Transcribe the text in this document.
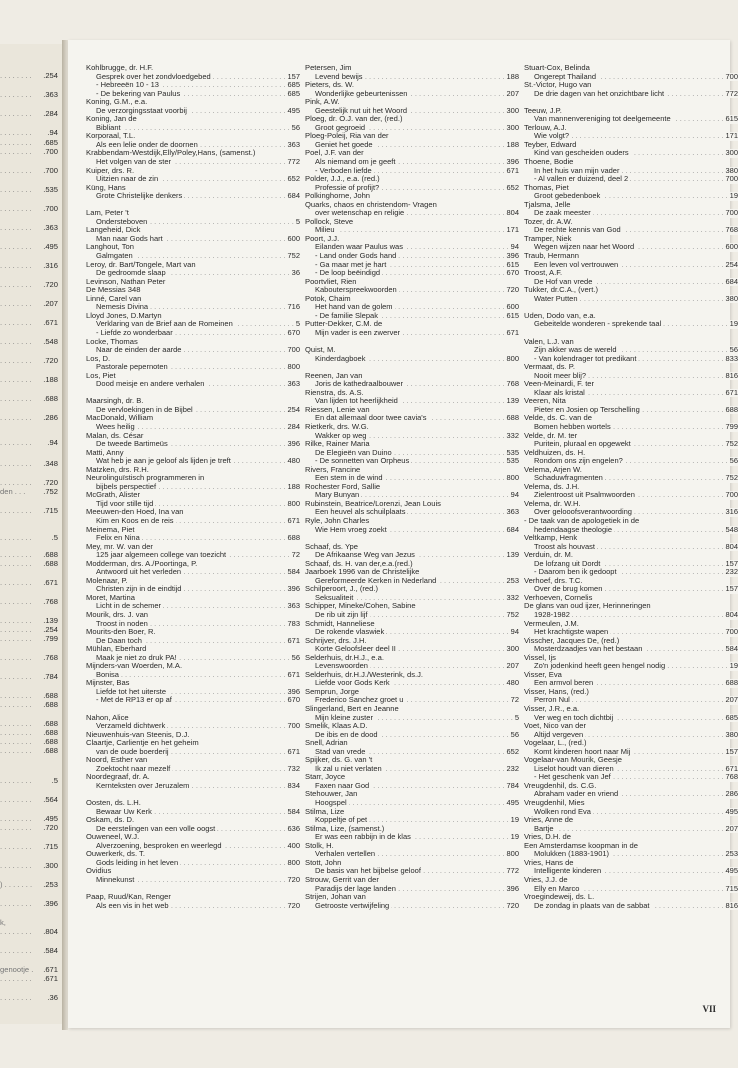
. . . . . . . .	.254
. . . . . . . .	.363
. . . . . . . .	.284
. . . . . . . .	.94
. . . . . . . .	.685
. . . . . . . .	.700
. . . . . . . .	.700
. . . . . . . .	.535
. . . . . . . .	.700
. . . . . . . .	.363
. . . . . . . .	.495
. . . . . . . .	.316
. . . . . . . .	.720
. . . . . . . .	.207
. . . . . . . .	.671
. . . . . . . .	.548
. . . . . . . .	.720
. . . . . . . .	.188
. . . . . . . .	.688
. . . . . . . .	.286
. . . . . . . .	.94
. . . . . . . .	.348
. . . . . . . .	.720
den . . .	.752
. . . . . . . .	.715
. . . . . . . .	.5
. . . . . . . .	.688
. . . . . . . .	.688
. . . . . . . .	.671
. . . . . . . .	.768
. . . . . . . .	.139
. . . . . . . .	.254
. . . . . . . .	.799
. . . . . . . .	.768
. . . . . . . .	.784
. . . . . . . .	.688
. . . . . . . .	.688
. . . . . . . .	.688
. . . . . . . .	.688
. . . . . . . .	.688
. . . . . . . .	.688
. . . . . . . .	.5
. . . . . . . .	.564
. . . . . . . .	.495
. . . . . . . .	.720
. . . . . . . .	.715
. . . . . . . .	.300
) . . . . . . .	.253
. . . . . . . .	.396
k,
. . . . . . . .	.804
. . . . . . . .	.584
genootje .	.671
. . . . . . . .	.671
. . . . . . . .	.36
Kohlbrugge, dr. H.F.
Gesprek over het zondvloedgebed	157
. . .
- Hebreeën 10 - 13	685
. . .
- De bekering van Paulus	685
. . .
Koning, G.M., e.a.
De verzorgingsstaat voorbij	495
. . .
Koning, Jan de
Bibliant	56
. . .
Korporaal, T.L.
Als een lelie onder de doornen	363
. . .
Krabbendam-Westdijk,Elly/Poley,Hans, (samenst.)
Het volgen van de ster	772
. . .
Kuiper, drs. R.
Uitzien naar de zin	652
. . .
Küng, Hans
Grote Christelijke denkers	684
. . .
Lam, Peter 't
Ondersteboven	5
. . .
Langeheid, Dick
Man naar Gods hart	600
. . .
Langhout, Ton
Galmgaten	752
. . .
Leroy, dr. Bart/Tongele, Mart van
De gedroomde slaap	36
. . .
Levinson, Nathan Peter
De Messias 348
Linné, Carel van
Nemesis Divina	716
. . .
Lloyd Jones, D.Martyn
Verklaring van de Brief aan de Romeinen	5
. . .
- Liefde zo wonderbaar	670
. . .
Locke, Thomas
Naar de einden der aarde	700
. . .
Los, D.
Pastorale pepernoten	800
. . .
Los, Piet
Dood meisje en andere verhalen	363
. . .
Maarsingh, dr. B.
De vervloekingen in de Bijbel	254
. . .
MacDonald, William
Wees heilig	284
. . .
Malan, ds. César
De tweede Bartimeüs	396
. . .
Matti, Anny
Wat heb je aan je geloof als lijden je treft	480
. . .
Matzken, drs. R.H.
Neurolinguïstisch programmeren in
bijbels perspectief	188
. . .
McGrath, Alister
Tijd voor stille tijd	800
. . .
Meeuwen-den Hoed, Ina van
Kim en Koos en de reis	671
. . .
Meinema, Piet
Felix en Nina	688
. . .
Mey, mr. W. van der
125 jaar algemeen college van toezicht	72
. . .
Modderman, drs. A./Poortinga, P.
Antwoord uit het verleden	584
. . .
Molenaar, P.
Christen zijn in de eindtijd	396
. . .
Moret, Martina
Licht in de schemer	363
. . .
Mourik, drs. J. van
Troost in noden	783
. . .
Mourits-den Boer, R.
De Daan toch	671
. . .
Mühlan, Eberhard
Maak je niet zo druk PA!	56
. . .
Mijnders-van Woerden, M.A.
Bonisa	671
. . .
Mijnster, Bas
Liefde tot het uiterste	396
. . .
- Met de RP13 er op af	670
. . .
Nahon, Alice
Verzameld dichtwerk	700
. . .
Nieuwenhuis-van Steenis, D.J.
Claartje, Carlientje en het geheim
van de oude boerderij	671
. . .
Noord, Esther van
Zoektocht naar mezelf	732
. . .
Noordegraaf, dr. A.
Kernteksten over Jeruzalem	834
. . .
Oosten, ds. L.H.
Bewaar Uw Kerk	584
. . .
Oskam, ds. D.
De eerstelingen van een volle oogst	636
. . .
Ouweneel, W.J.
Alverzoening, besproken en weerlegd	400
. . .
Ouwerkerk, ds. T.
Gods leiding in het leven	800
. . .
Ovidius
Minnekunst	720
. . .
Paap, Ruud/Kan, Renger
Als een vis in het web	720
. . .
Petersen, Jim
Levend bewijs	188
. . .
Pieters, ds. W.
Wonderlijke gebeurtenissen	207
. . .
Pink, A.W.
Geestelijk nut uit het Woord	300
. . .
Ploeg, dr. O.J. van der, (red.)
Groot gegroeid	300
. . .
Ploeg-Poleij, Ria van der
Geniet het goede	188
. . .
Poel, J.F. van der
Als niemand om je geeft	396
. . .
- Verboden liefde	671
. . .
Polder, J.J., e.a. (red.)
Professie of profijt?	652
. . .
Polkinghorne, John
Quarks, chaos en christendom- Vragen
over wetenschap en religie	804
. . .
Pollock, Steve
Milieu	171
. . .
Poort, J.J.
Eilanden waar Paulus was	94
. . .
- Land onder Gods hand	396
. . .
- Ga maar met je hart	615
. . .
- De loop beëindigd	670
. . .
Poortvliet, Rien
Kabouterspreekwoorden	720
. . .
Potok, Chaim
Het hand van de golem	600
. . .
- De familie Slepak	615
. . .
Putter-Dekker, C.M. de
Mijn vader is een zwerver	671
. . .
Quist, M.
Kinderdagboek	800
. . .
Reenen, Jan van
Joris de kathedraalbouwer	768
. . .
Rienstra, ds. A.S.
Van lijden tot heerlijkheid	139
. . .
Riessen, Lenie van
En dat allemaal door twee cavia's	688
. . .
Rietkerk, drs. W.G.
Wakker op weg	332
. . .
Rilke, Rainer Maria
De Elegieën van Duino	535
. . .
- De sonnetten van Orpheus	535
. . .
Rivers, Francine
Een stem in de wind	800
. . .
Rochester Ford, Sallie
Mary Bunyan	94
. . .
Rubinstein, Beatrice/Lorenzi, Jean Louis
Een heuvel als schuilplaats	363
. . .
Ryle, John Charles
Wie Hem vroeg zoekt	684
. . .
Schaaf, ds. Ype
De Afrikaanse Weg van Jezus	139
. . .
Schaaf, ds. H. van der,e.a.(red.)
Jaarboek 1996 van de Christelijke
Gereformeerde Kerken in Nederland	253
. . .
Schilperoort, J., (red.)
Seksualiteit	332
. . .
Schipper, Mineke/Cohen, Sabine
De rib uit zijn lijf	752
. . .
Schmidt, Hanneliese
De rokende vlaswiek	94
. . .
Schrijver, drs. J.H.
Korte Geloofsleer deel II	300
. . .
Selderhuis, dr.H.J., e.a.
Levenswoorden	207
. . .
Selderhuis, dr.H.J./Westerink, ds.J.
Liefde voor Gods Kerk	480
. . .
Semprun, Jorge
Frederico Sanchez groet u	72
. . .
Slingerland, Bert en Jeanne
Mijn kleine zuster	5
. . .
Smelik, Klaas A.D.
De ibis en de dood	56
. . .
Snell, Adrian
Stad van vrede	652
. . .
Spijker, ds. G. van 't
Ik zal u niet verlaten	232
. . .
Starr, Joyce
Faxen naar God	784
. . .
Stehouwer, Jan
Hoogspel	495
. . .
Stilma, Lize
Koppeltje of pet	19
. . .
Stilma, Lize, (samenst.)
Er was een rabbijn in de klas	19
. . .
Stolk, H.
Verhalen vertellen	800
. . .
Stott, John
De basis van het bijbelse geloof	772
. . .
Strouw, Gerrit van der
Paradijs der lage landen	396
. . .
Strijen, Johan van
Getrooste vertwijfeling	720
. . .
Stuart-Cox, Belinda
Ongerept Thailand	700
. . .
St.-Victor, Hugo van
De drie dagen van het onzichtbare licht	772
. . .
Teeuw, J.P.
Van mannenvereniging tot deelgemeente	615
. . .
Terlouw, A.J.
Wie volgt?	171
. . .
Teyber, Edward
Kind van gescheiden ouders	300
. . .
Thoene, Bodie
In het huis van mijn vader	380
. . .
- Al vallen er duizend, deel 2	700
. . .
Thomas, Piet
Groot gebedenboek	19
. . .
Tjalsma, Jelle
De zaak meester	700
. . .
Tozer, dr. A.W.
De rechte kennis van God	768
. . .
Tramper, Niek
Wegen wijzen naar het Woord	600
. . .
Traub, Hermann
Een leven vol vertrouwen	254
. . .
Troost, A.F.
De Hof van vrede	684
. . .
Tukker, dr.C.A., (vert.)
Water Putten	380
. . .
Uden, Dodo van, e.a.
Gebeitelde wonderen - sprekende taal	19
. . .
Valen, L.J. van
Zijn akker was de wereld	56
. . .
- Van kolendrager tot predikant	833
. . .
Vermaat, ds. P.
Nooit meer blij?	816
. . .
Veen-Meinardi, F. ter
Klaar als kristal	671
. . .
Veeren, Nita
Pieter en Josien op Terschelling	688
. . .
Velde, ds. C. van de
Bomen hebben wortels	799
. . .
Velde, dr. M. ter
Puritein, pluraal en opgewekt	752
. . .
Veldhuizen, ds. H.
Rondom ons zijn engelen?	56
. . .
Velema, Arjen W.
Schaduwfragmenten	752
. . .
Velema, ds. J.H.
Zielentroost uit Psalmwoorden	700
. . .
Velema, dr. W.H.
Over gelooofsverantwoording	316
. . .
- De taak van de apologetiek in de
hedendaagse theologie	548
. . .
Veltkamp, Henk
Troost als houvast	804
. . .
Verduin, dr. M.
De lofzang uit Dordt	157
. . .
- Daarom ben ik gedoopt	232
. . .
Verhoef, drs. T.C.
Over de brug komen	157
. . .
Verhoeven, Cornelis
De glans van oud ijzer, Herinneringen
1928-1982	804
. . .
Vermeulen, J.M.
Het krachtigste wapen	700
. . .
Visscher, Jacques De, (red.)
Mosterdzaadjes van het bestaan	584
. . .
Vissel, Ijs
Zo'n jodenkind heeft geen hengel nodig	19
. . .
Visser, Eva
Een armvol beren	688
. . .
Visser, Hans, (red.)
Perron Nul	207
. . .
Visser, J.R., e.a.
Ver weg en toch dichtbij	685
. . .
Voet, Nico van der
Altijd vergeven	380
. . .
Vogelaar, L., (red.)
Komt kinderen hoort naar Mij	157
. . .
Vogelaar-van Mourik, Geesje
Liselot houdt van dieren	671
. . .
- Het geschenk van Jef	768
. . .
Vreugdenhil, ds. C.G.
Abraham vader en vriend	286
. . .
Vreugdenhil, Mies
Wolken rond Eva	495
. . .
Vries, Anne de
Bartje	207
. . .
Vries, D.H. de
Een Amsterdamse koopman in de
Molukken (1883-1901)	253
. . .
Vries, Hans de
Intelligente kinderen	495
. . .
Vries, J.J. de
Elly en Marco	715
. . .
Vroegindeweij, ds. L.
De zondag in plaats van de sabbat	816
. . .
VII
